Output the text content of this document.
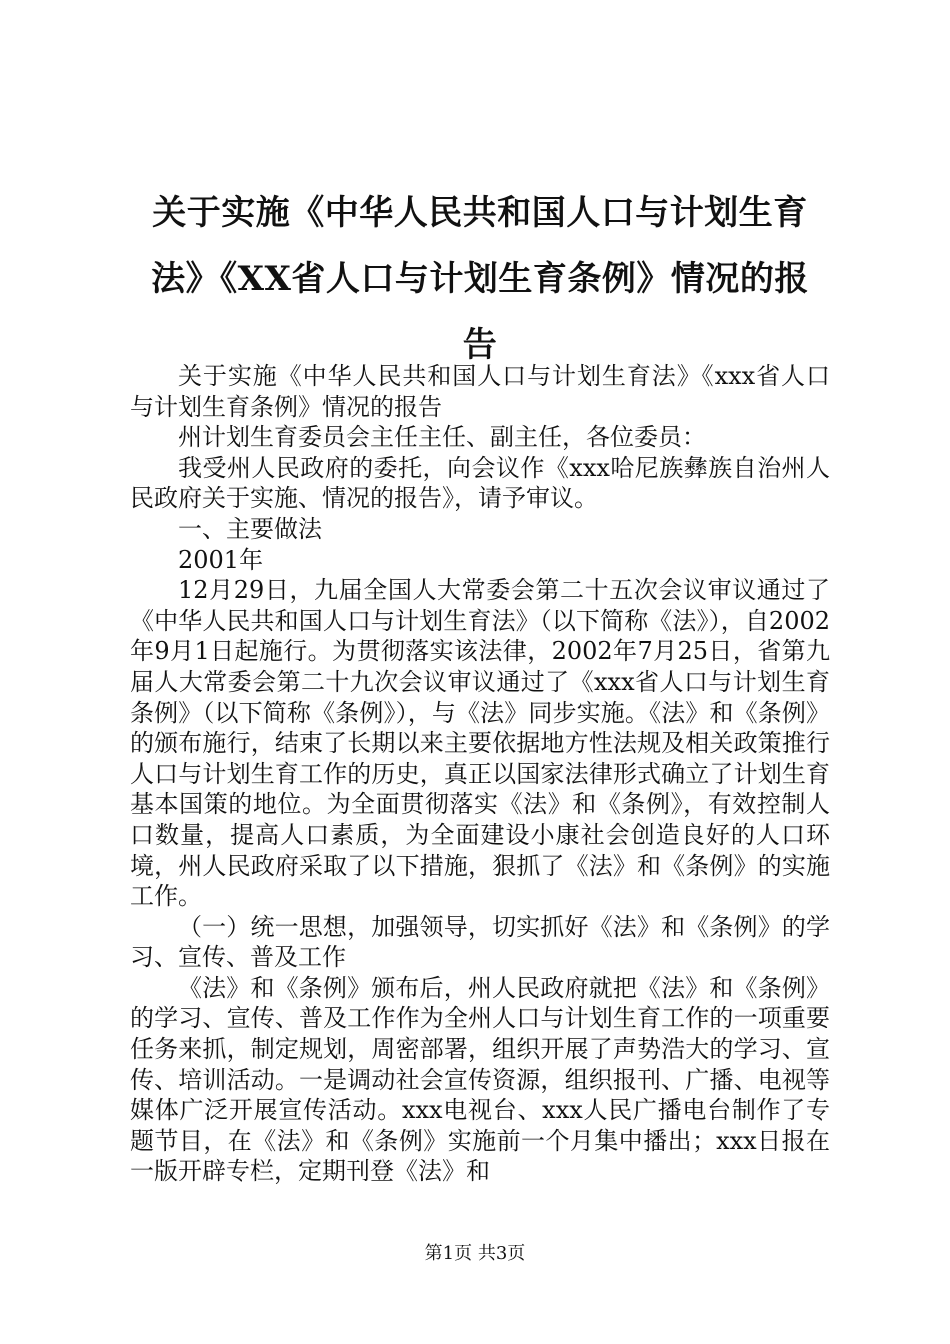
关于实施《中华人民共和国人口与计划生育
法》《XX省人口与计划生育条例》情况的报
告

关于实施《中华人民共和国人口与计划生育法》《xxx省人口与计划生育条例》情况的报告

州计划生育委员会主任主任、副主任，各位委员：

我受州人民政府的委托，向会议作《xxx哈尼族彝族自治州人民政府关于实施、情况的报告》，请予审议。

一、主要做法

2001年

12月29日，九届全国人大常委会第二十五次会议审议通过了《中华人民共和国人口与计划生育法》（以下简称《法》），自2002年9月1日起施行。为贯彻落实该法律，2002年7月25日，省第九届人大常委会第二十九次会议审议通过了《xxx省人口与计划生育条例》（以下简称《条例》），与《法》同步实施。《法》和《条例》的颁布施行，结束了长期以来主要依据地方性法规及相关政策推行人口与计划生育工作的历史，真正以国家法律形式确立了计划生育基本国策的地位。为全面贯彻落实《法》和《条例》，有效控制人口数量，提高人口素质，为全面建设小康社会创造良好的人口环境，州人民政府采取了以下措施，狠抓了《法》和《条例》的实施工作。

（一）统一思想，加强领导，切实抓好《法》和《条例》的学习、宣传、普及工作

《法》和《条例》颁布后，州人民政府就把《法》和《条例》的学习、宣传、普及工作作为全州人口与计划生育工作的一项重要任务来抓，制定规划，周密部署，组织开展了声势浩大的学习、宣传、培训活动。一是调动社会宣传资源，组织报刊、广播、电视等媒体广泛开展宣传活动。xxx电视台、xxx人民广播电台制作了专题节目，在《法》和《条例》实施前一个月集中播出；xxx日报在一版开辟专栏，定期刊登《法》和

第1页 共3页
